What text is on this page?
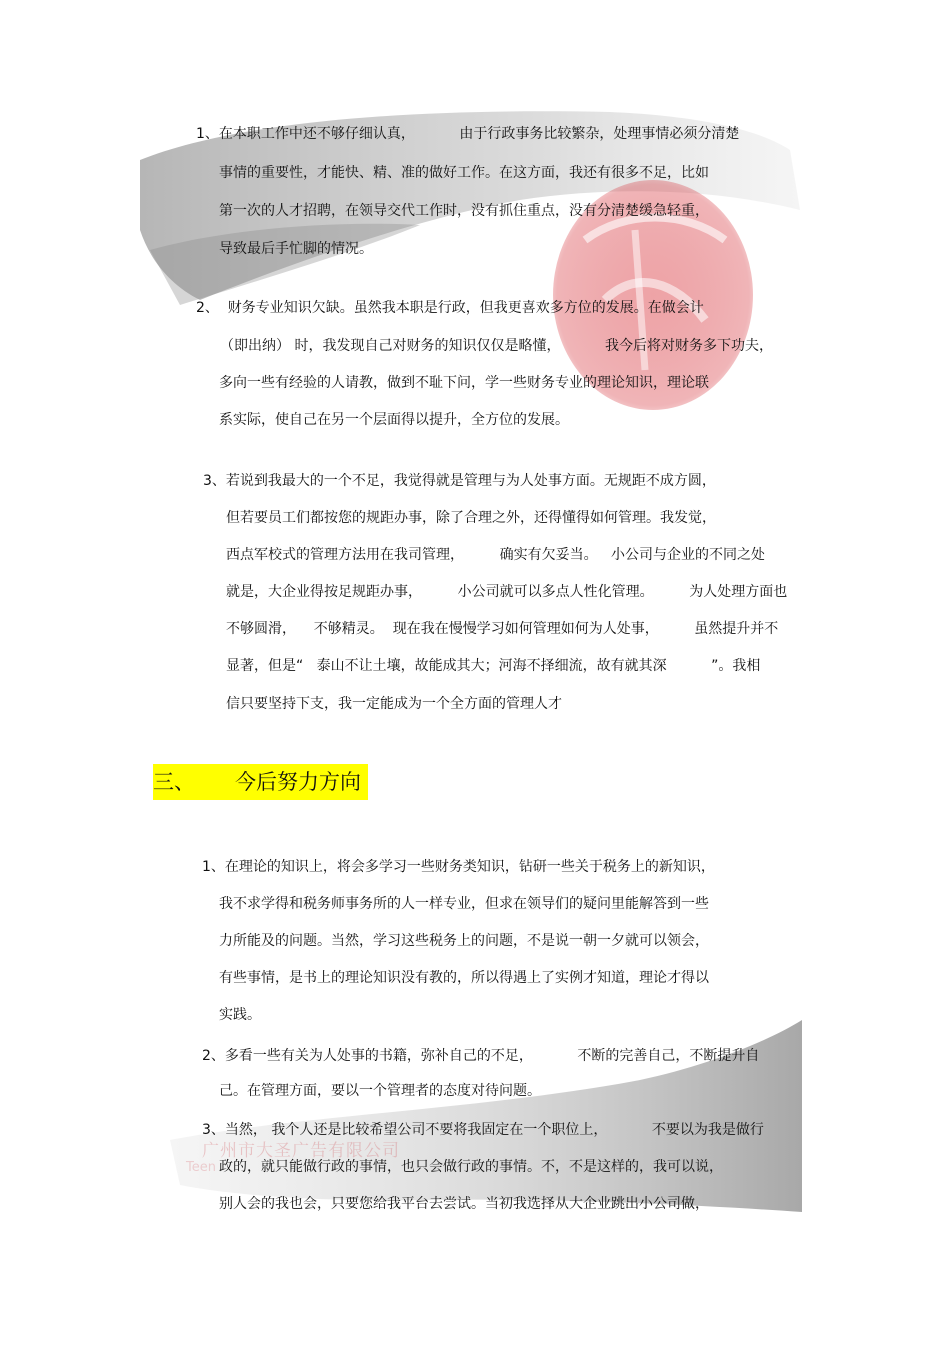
广州市大圣广告有限公司
Teen
1、在本职工作中还不够仔细认真，          由于行政事务比较繁杂，处理事情必须分清楚
事情的重要性，才能快、精、准的做好工作。在这方面，我还有很多不足，比如
第一次的人才招聘，在领导交代工作时，没有抓住重点，没有分清楚缓急轻重，
导致最后手忙脚的情况。
2、  财务专业知识欠缺。虽然我本职是行政，但我更喜欢多方位的发展。在做会计
（即出纳） 时，我发现自己对财务的知识仅仅是略懂，          我今后将对财务多下功夫，
多向一些有经验的人请教，做到不耻下问，学一些财务专业的理论知识，理论联
系实际，使自己在另一个层面得以提升，全方位的发展。
3、若说到我最大的一个不足，我觉得就是管理与为人处事方面。无规距不成方圆，
但若要员工们都按您的规距办事，除了合理之外，还得懂得如何管理。我发觉，
西点军校式的管理方法用在我司管理，        确实有欠妥当。   小公司与企业的不同之处
就是，大企业得按足规距办事，        小公司就可以多点人性化管理。        为人处理方面也
不够圆滑，    不够精灵。  现在我在慢慢学习如何管理如何为人处事，        虽然提升并不
显著，但是“   泰山不让土壤，故能成其大；河海不择细流，故有就其深          ”。我相
信只要坚持下支，我一定能成为一个全方面的管理人才
三、      今后努力方向
1、在理论的知识上，将会多学习一些财务类知识，钻研一些关于税务上的新知识，
我不求学得和税务师事务所的人一样专业，但求在领导们的疑问里能解答到一些
力所能及的问题。当然，学习这些税务上的问题，不是说一朝一夕就可以领会，
有些事情，是书上的理论知识没有教的，所以得遇上了实例才知道，理论才得以
实践。
2、多看一些有关为人处事的书籍，弥补自己的不足，          不断的完善自己，不断提升自
己。在管理方面，要以一个管理者的态度对待问题。
3、当然， 我个人还是比较希望公司不要将我固定在一个职位上，          不要以为我是做行
政的，就只能做行政的事情，也只会做行政的事情。不，不是这样的，我可以说，
别人会的我也会，只要您给我平台去尝试。当初我选择从大企业跳出小公司做，
